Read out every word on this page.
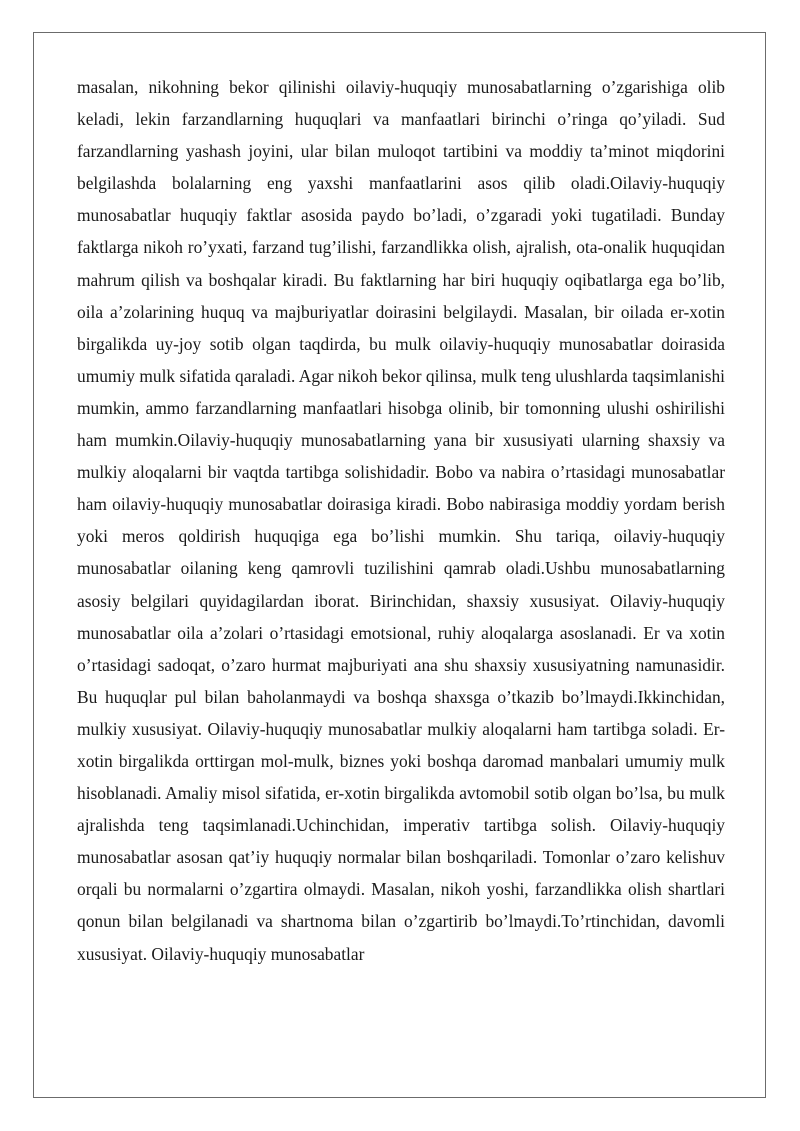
masalan, nikohning bekor qilinishi oilaviy-huquqiy munosabatlarning o’zgarishiga olib keladi, lekin farzandlarning huquqlari va manfaatlari birinchi o’ringa qo’yiladi. Sud farzandlarning yashash joyini, ular bilan muloqot tartibini va moddiy ta’minot miqdorini belgilashda bolalarning eng yaxshi manfaatlarini asos qilib oladi.Oilaviy-huquqiy munosabatlar huquqiy faktlar asosida paydo bo’ladi, o’zgaradi yoki tugatiladi. Bunday faktlarga nikoh ro’yxati, farzand tug’ilishi, farzandlikka olish, ajralish, ota-onalik huquqidan mahrum qilish va boshqalar kiradi. Bu faktlarning har biri huquqiy oqibatlarga ega bo’lib, oila a’zolarining huquq va majburiyatlar doirasini belgilaydi. Masalan, bir oilada er-xotin birgalikda uy-joy sotib olgan taqdirda, bu mulk oilaviy-huquqiy munosabatlar doirasida umumiy mulk sifatida qaraladi. Agar nikoh bekor qilinsa, mulk teng ulushlarda taqsimlanishi mumkin, ammo farzandlarning manfaatlari hisobga olinib, bir tomonning ulushi oshirilishi ham mumkin.Oilaviy-huquqiy munosabatlarning yana bir xususiyati ularning shaxsiy va mulkiy aloqalarni bir vaqtda tartibga solishidadir. Bobo va nabira o’rtasidagi munosabatlar ham oilaviy-huquqiy munosabatlar doirasiga kiradi. Bobo nabirasiga moddiy yordam berish yoki meros qoldirish huquqiga ega bo’lishi mumkin. Shu tariqa, oilaviy-huquqiy munosabatlar oilaning keng qamrovli tuzilishini qamrab oladi.Ushbu munosabatlarning asosiy belgilari quyidagilardan iborat. Birinchidan, shaxsiy xususiyat. Oilaviy-huquqiy munosabatlar oila a’zolari o’rtasidagi emotsional, ruhiy aloqalarga asoslanadi. Er va xotin o’rtasidagi sadoqat, o’zaro hurmat majburiyati ana shu shaxsiy xususiyatning namunasidir. Bu huquqlar pul bilan baholanmaydi va boshqa shaxsga o’tkazib bo’lmaydi.Ikkinchidan, mulkiy xususiyat. Oilaviy-huquqiy munosabatlar mulkiy aloqalarni ham tartibga soladi. Er-xotin birgalikda orttirgan mol-mulk, biznes yoki boshqa daromad manbalari umumiy mulk hisoblanadi. Amaliy misol sifatida, er-xotin birgalikda avtomobil sotib olgan bo’lsa, bu mulk ajralishda teng taqsimlanadi.Uchinchidan, imperativ tartibga solish. Oilaviy-huquqiy munosabatlar asosan qat’iy huquqiy normalar bilan boshqariladi. Tomonlar o’zaro kelishuv orqali bu normalarni o’zgartira olmaydi. Masalan, nikoh yoshi, farzandlikka olish shartlari qonun bilan belgilanadi va shartnoma bilan o’zgartirib bo’lmaydi.To’rtinchidan, davomli xususiyat. Oilaviy-huquqiy munosabatlar
